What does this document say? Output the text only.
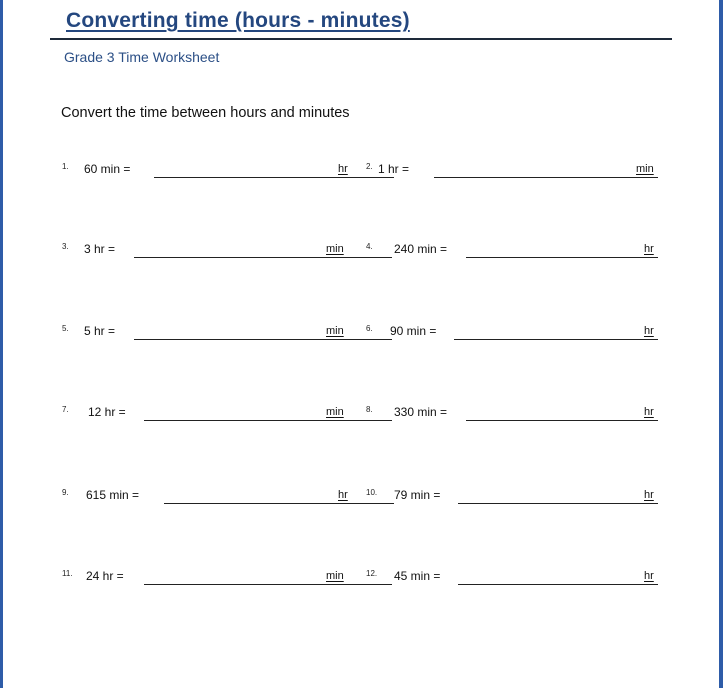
Converting time (hours - minutes)
Grade 3 Time Worksheet
Convert the time between hours and minutes
1. 60 min =	hr 2. 1 hr =	min
3. 3 hr =	min	4. 240 min =	hr
5. 5 hr =	min	6. 90 min =	hr
7. 12 hr =	min	8. 330 min =	hr
9. 615 min =	hr 10. 79 min =	hr
11. 24 hr =	min	12. 45 min =	hr
